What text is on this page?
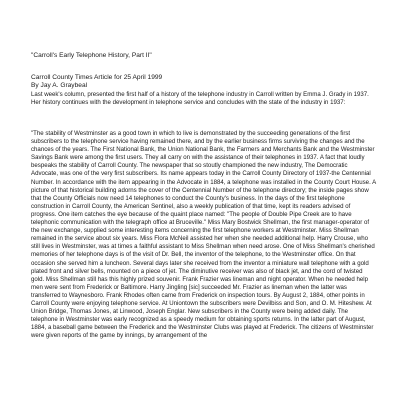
"Carroll's Early Telephone History, Part II"
Carroll County Times Article for 25 April 1999
By Jay A. Graybeal

Last week's column, presented the first half of a history of the telephone industry in Carroll written by Emma J. Grady in 1937. Her history continues with the development in telephone service and concludes with the state of the industry in 1937:

"The stability of Westminster as a good town in which to live is demonstrated by the succeeding generations of the first subscribers to the telephone service having remained there, and by the earlier business firms surviving the changes and the chances of the years. The First National Bank, the Union National Bank, the Farmers and Merchants Bank and the Westminster Savings Bank were among the first users. They all carry on with the assistance of their telephones in 1937. A fact that loudly bespeaks the stability of Carroll County. The newspaper that so stoutly championed the new industry, The Democratic Advocate, was one of the very first subscribers. Its name appears today in the Carroll County Directory of 1937-the Centennial Number. In accordance with the item appearing in the Advocate in 1884, a telephone was installed in the County Court House. A picture of that historical building adorns the cover of the Centennial Number of the telephone directory; the inside pages show that the County Officials now need 14 telephones to conduct the County's business. In the days of the first telephone construction in Carroll County, the American Sentinel, also a weekly publication of that time, kept its readers advised of progress. One item catches the eye because of the quaint place named: "The people of Double Pipe Creek are to have telephonic communication with the telegraph office at Bruceville." Miss Mary Bostwick Shellman, the first manager-operator of the new exchange, supplied some interesting items concerning the first telephone workers at Westminster. Miss Shellman remained in the service about six years. Miss Flora McNeil assisted her when she needed additional help. Harry Crouse, who still lives in Westminster, was at times a faithful assistant to Miss Shellman when need arose. One of Miss Shellman's cherished memories of her telephone days is of the visit of Dr. Bell, the inventor of the telephone, to the Westminster office. On that occasion she served him a luncheon. Several days later she received from the inventor a miniature wall telephone with a gold plated front and silver bells, mounted on a piece of jet. The diminutive receiver was also of black jet, and the cord of twisted gold. Miss Shellman still has this highly prized souvenir. Frank Frazier was lineman and night operator. When he needed help men were sent from Frederick or Baltimore. Harry Jingling [sic] succeeded Mr. Frazier as lineman when the latter was transferred to Waynesboro. Frank Rhodes often came from Frederick on inspection tours. By August 2, 1884, other points in Carroll County were enjoying telephone service. At Uniontown the subscribers were Devilbiss and Son, and O. M. Hiteshew. At Union Bridge, Thomas Jones, at Linwood, Joseph Englar. New subscribers in the County were being added daily. The telephone in Westminster was early recognized as a speedy medium for obtaining sports returns. In the latter part of August, 1884, a baseball game between the Frederick and the Westminster Clubs was played at Frederick. The citizens of Westminster were given reports of the game by innings, by arrangement of the
